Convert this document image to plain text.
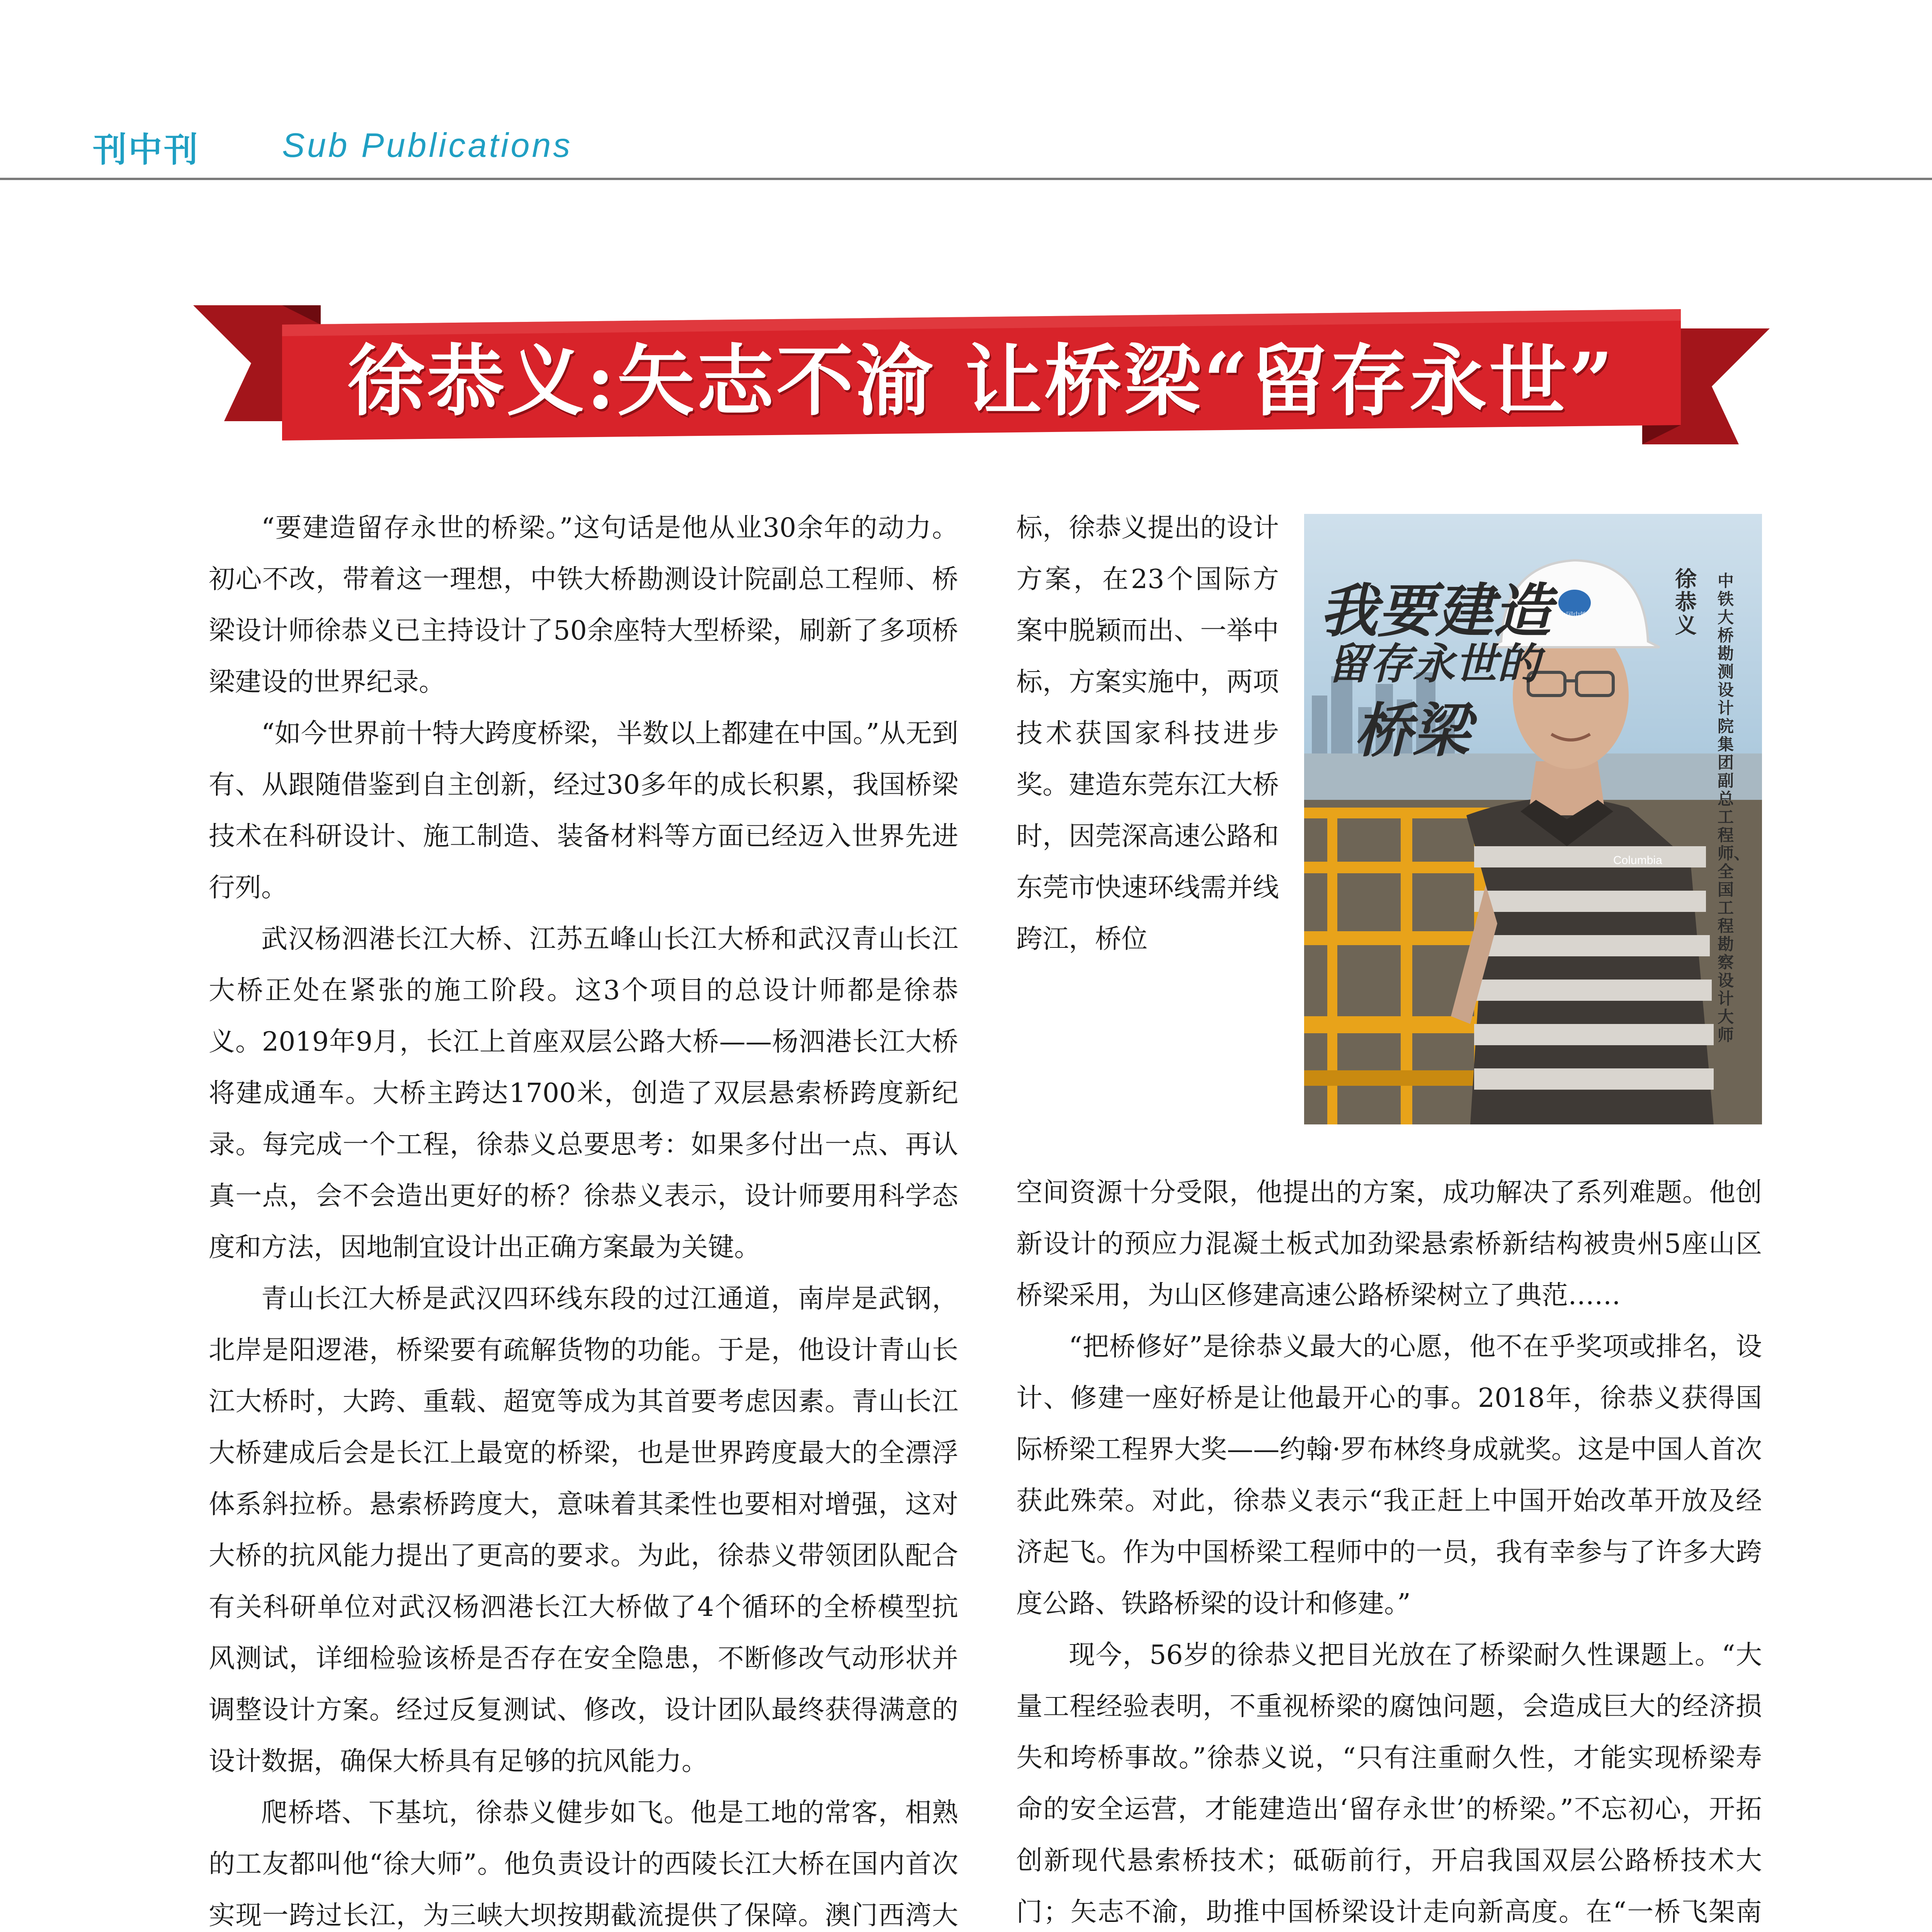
刊中刊 Sub Publications
徐恭义:矢志不渝 让桥梁“留存永世”

“要建造留存永世的桥梁。”这句话是他从业30余年的动力。初心不改，带着这一理想，中铁大桥勘测设计院副总工程师、桥梁设计师徐恭义已主持设计了50余座特大型桥梁，刷新了多项桥梁建设的世界纪录。

“如今世界前十特大跨度桥梁，半数以上都建在中国。”从无到有、从跟随借鉴到自主创新，经过30多年的成长积累，我国桥梁技术在科研设计、施工制造、装备材料等方面已经迈入世界先进行列。

武汉杨泗港长江大桥、江苏五峰山长江大桥和武汉青山长江大桥正处在紧张的施工阶段。这3个项目的总设计师都是徐恭义。2019年9月，长江上首座双层公路大桥——杨泗港长江大桥将建成通车。大桥主跨达1700米，创造了双层悬索桥跨度新纪录。每完成一个工程，徐恭义总要思考：如果多付出一点、再认真一点，会不会造出更好的桥？徐恭义表示，设计师要用科学态度和方法，因地制宜设计出正确方案最为关键。

青山长江大桥是武汉四环线东段的过江通道，南岸是武钢，北岸是阳逻港，桥梁要有疏解货物的功能。于是，他设计青山长江大桥时，大跨、重载、超宽等成为其首要考虑因素。青山长江大桥建成后会是长江上最宽的桥梁，也是世界跨度最大的全漂浮体系斜拉桥。悬索桥跨度大，意味着其柔性也要相对增强，这对大桥的抗风能力提出了更高的要求。为此，徐恭义带领团队配合有关科研单位对武汉杨泗港长江大桥做了4个循环的全桥模型抗风测试，详细检验该桥是否存在安全隐患，不断修改气动形状并调整设计方案。经过反复测试、修改，设计团队最终获得满意的设计数据，确保大桥具有足够的抗风能力。

爬桥塔、下基坑，徐恭义健步如飞。他是工地的常客，相熟的工友都叫他“徐大师”。他负责设计的西陵长江大桥在国内首次实现一跨过长江，为三峡大坝按期截流提供了保障。澳门西湾大

标，徐恭义提出的设计方案，在23个国际方案中脱颖而出、一举中标，方案实施中，两项技术获国家科技进步奖。建造东莞东江大桥时，因莞深高速公路和东莞市快速环线需并线跨江，桥位

我要建造
留存永世的
桥梁
中国中铁
Columbia
徐恭义
中铁大桥勘测设计院集团副总工程师、全国工程勘察设计大师

空间资源十分受限，他提出的方案，成功解决了系列难题。他创新设计的预应力混凝土板式加劲梁悬索桥新结构被贵州5座山区桥梁采用，为山区修建高速公路桥梁树立了典范……

“把桥修好”是徐恭义最大的心愿，他不在乎奖项或排名，设计、修建一座好桥是让他最开心的事。2018年，徐恭义获得国际桥梁工程界大奖——约翰·罗布林终身成就奖。这是中国人首次获此殊荣。对此，徐恭义表示“我正赶上中国开始改革开放及经济起飞。作为中国桥梁工程师中的一员，我有幸参与了许多大跨度公路、铁路桥梁的设计和修建。”

现今，56岁的徐恭义把目光放在了桥梁耐久性课题上。“大量工程经验表明，不重视桥梁的腐蚀问题，会造成巨大的经济损失和垮桥事故。”徐恭义说，“只有注重耐久性，才能实现桥梁寿命的安全运营，才能建造出‘留存永世’的桥梁。”不忘初心，开拓创新现代悬索桥技术；砥砺前行，开启我国双层公路桥技术大门；矢志不渝，助推中国桥梁设计走向新高度。在“一桥飞架南
